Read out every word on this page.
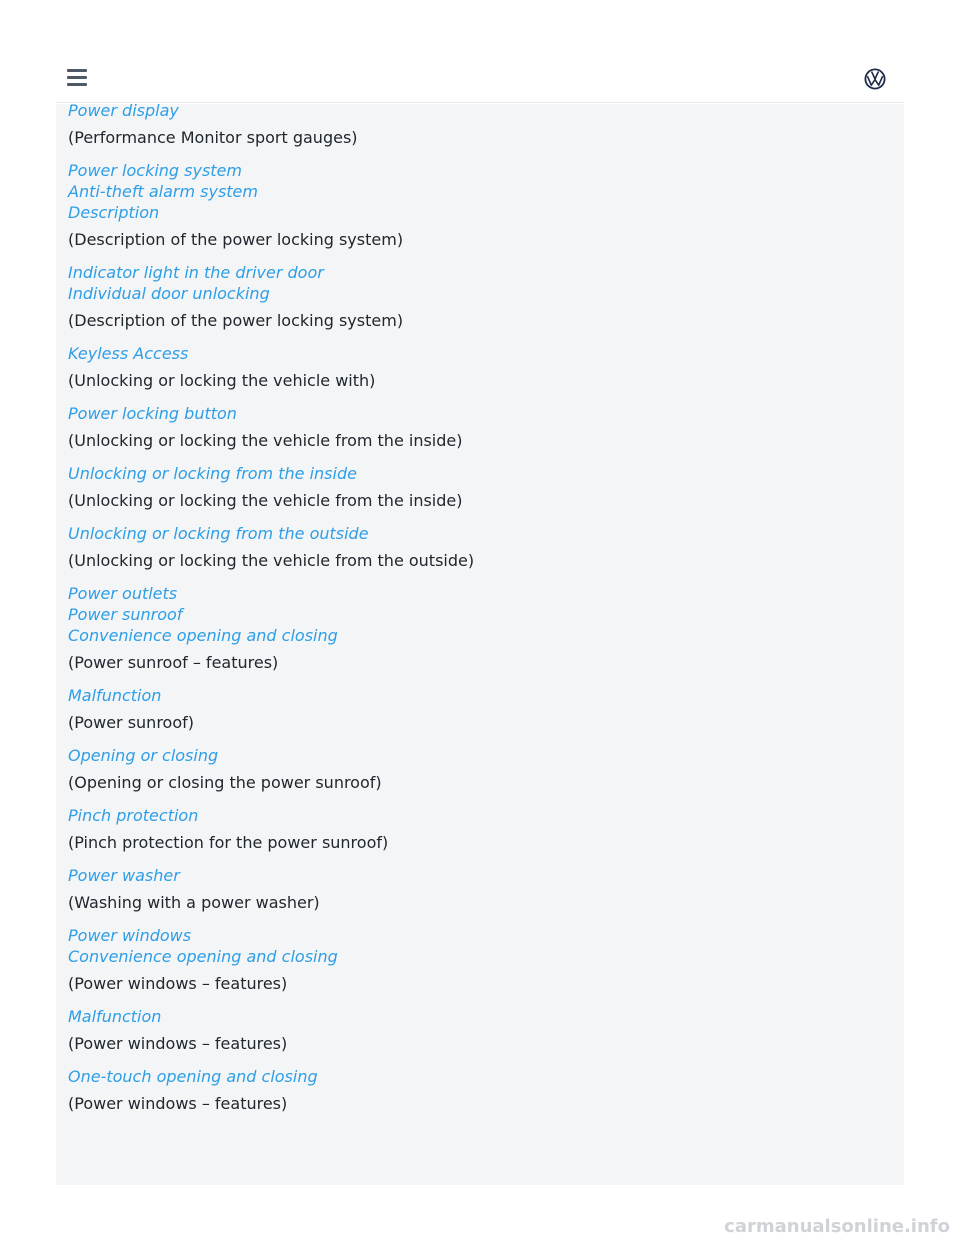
Power display
(Performance Monitor sport gauges)
Power locking system
Anti-theft alarm system
Description
(Description of the power locking system)
Indicator light in the driver door
Individual door unlocking
(Description of the power locking system)
Keyless Access
(Unlocking or locking the vehicle with)
Power locking button
(Unlocking or locking the vehicle from the inside)
Unlocking or locking from the inside
(Unlocking or locking the vehicle from the inside)
Unlocking or locking from the outside
(Unlocking or locking the vehicle from the outside)
Power outlets
Power sunroof
Convenience opening and closing
(Power sunroof – features)
Malfunction
(Power sunroof)
Opening or closing
(Opening or closing the power sunroof)
Pinch protection
(Pinch protection for the power sunroof)
Power washer
(Washing with a power washer)
Power windows
Convenience opening and closing
(Power windows – features)
Malfunction
(Power windows – features)
One-touch opening and closing
(Power windows – features)
carmanualsonline.info
